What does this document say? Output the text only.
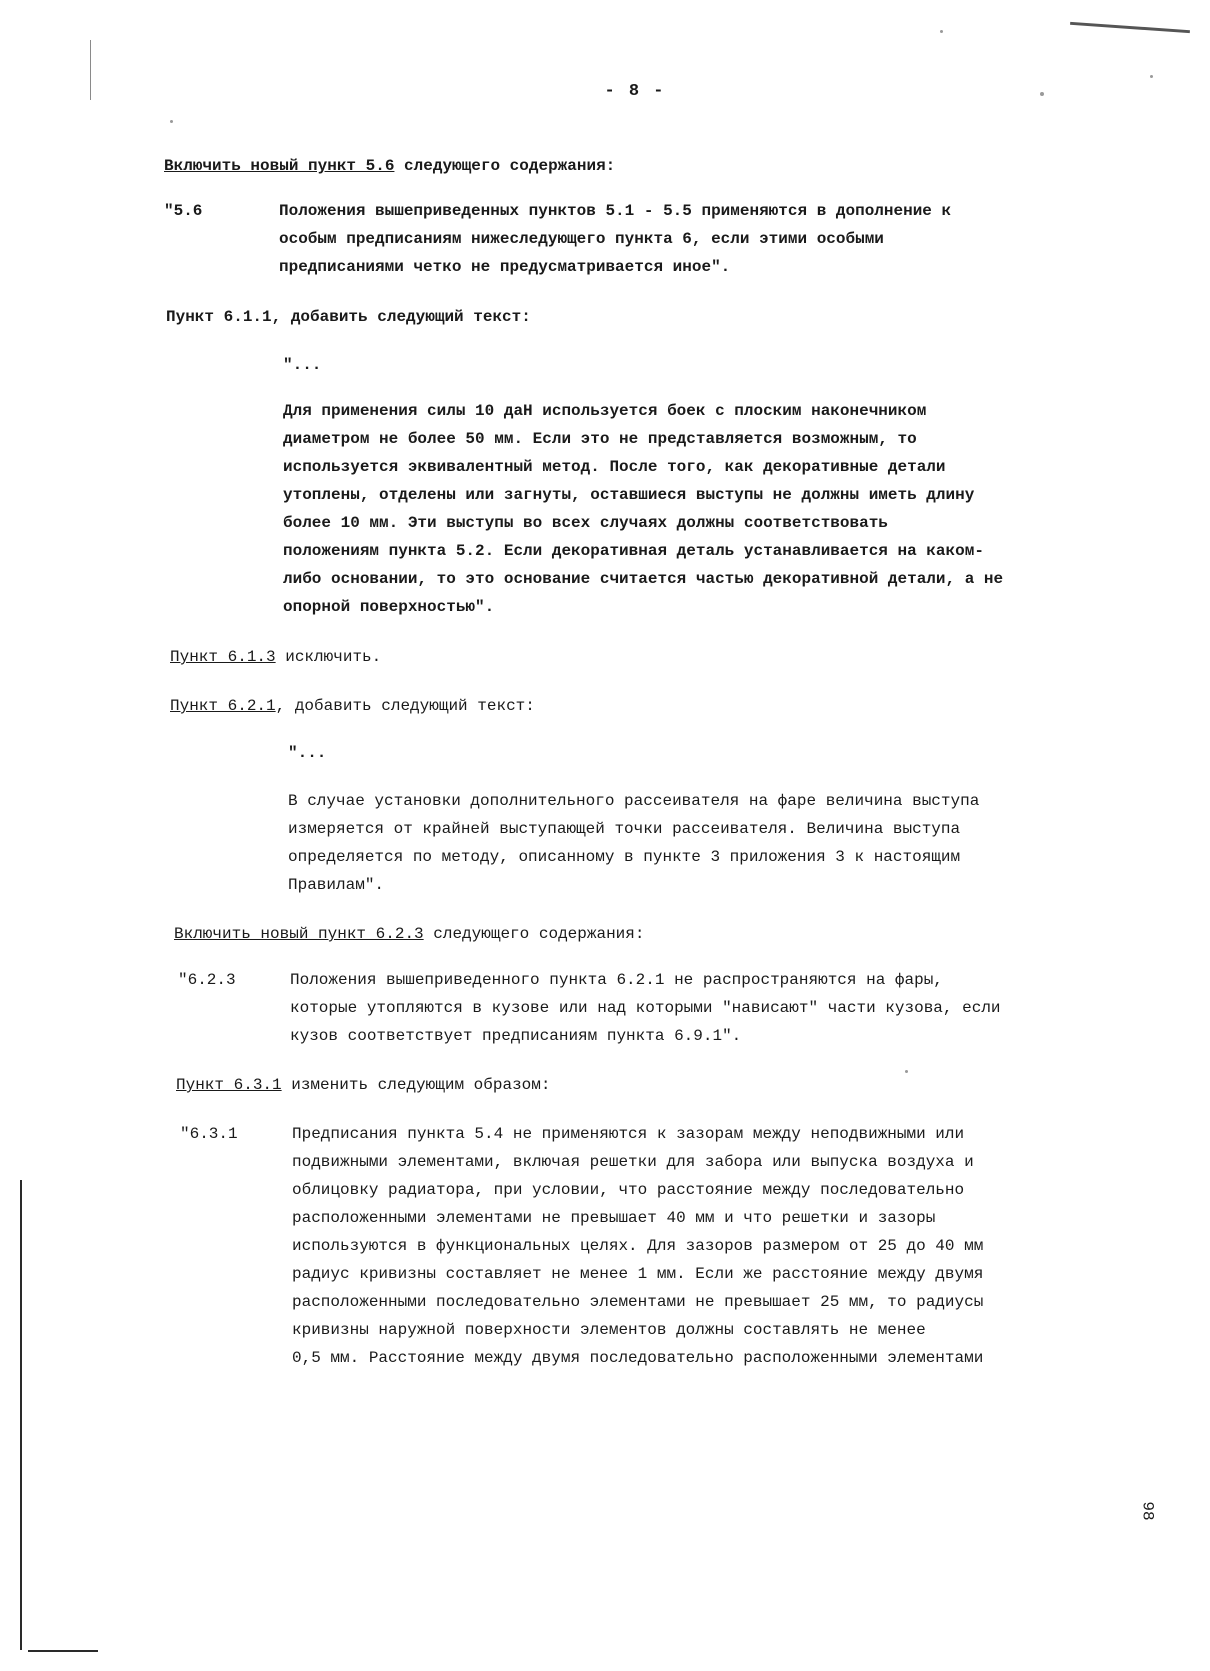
- 8 -
98
Включить новый пункт 5.6 следующего содержания:
"5.6	Положения вышеприведенных пунктов 5.1 - 5.5 применяются в дополнение к
особым предписаниям нижеследующего пункта 6, если этими особыми
предписаниями четко не предусматривается иное".
Пункт 6.1.1, добавить следующий текст:
"...
Для применения силы 10 даН используется боек с плоским наконечником
диаметром не более 50 мм. Если это не представляется возможным, то
используется эквивалентный метод. После того, как декоративные детали
утоплены, отделены или загнуты, оставшиеся выступы не должны иметь длину
более 10 мм. Эти выступы во всех случаях должны соответствовать
положениям пункта 5.2. Если декоративная деталь устанавливается на каком-
либо основании, то это основание считается частью декоративной детали, а не
опорной поверхностью".
Пункт 6.1.3 исключить.
Пункт 6.2.1, добавить следующий текст:
"...
В случае установки дополнительного рассеивателя на фаре величина выступа
измеряется от крайней выступающей точки рассеивателя. Величина выступа
определяется по методу, описанному в пункте 3 приложения 3 к настоящим
Правилам".
Включить новый пункт 6.2.3 следующего содержания:
"6.2.3	Положения вышеприведенного пункта 6.2.1 не распространяются на фары,
которые утопляются в кузове или над которыми "нависают" части кузова, если
кузов соответствует предписаниям пункта 6.9.1".
Пункт 6.3.1 изменить следующим образом:
"6.3.1	Предписания пункта 5.4 не применяются к зазорам между неподвижными или
подвижными элементами, включая решетки для забора или выпуска воздуха и
облицовку радиатора, при условии, что расстояние между последовательно
расположенными элементами не превышает 40 мм и что решетки и зазоры
используются в функциональных целях. Для зазоров размером от 25 до 40 мм
радиус кривизны составляет не менее 1 мм. Если же расстояние между двумя
расположенными последовательно элементами не превышает 25 мм, то радиусы
кривизны наружной поверхности элементов должны составлять не менее
0,5 мм. Расстояние между двумя последовательно расположенными элементами
